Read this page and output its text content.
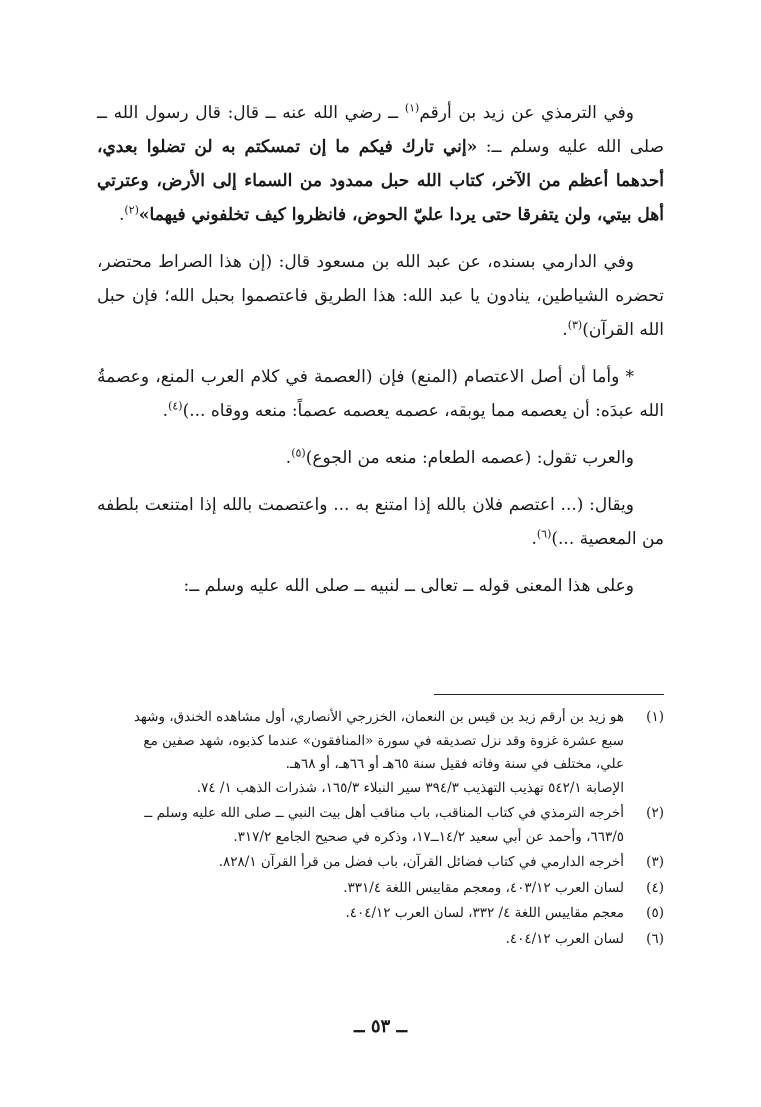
وفي الترمذي عن زيد بن أرقم$^{(١)}$ ــ رضي الله عنه ــ قال: قال رسول الله ــ صلى الله عليه وسلم ــ: «إني تارك فيكم ما إن تمسكتم به لن تضلوا بعدي، أحدهما أعظم من الآخر، كتاب الله حبل ممدود من السماء إلى الأرض، وعترتي أهل بيتي، ولن يتفرقا حتى يردا عليّ الحوض، فانظروا كيف تخلفوني فيهما»$^{(٢)}$.

وفي الدارمي بسنده، عن عبد الله بن مسعود قال: (إن هذا الصراط محتضر، تحضره الشياطين، ينادون يا عبد الله: هذا الطريق فاعتصموا بحبل الله؛ فإن حبل الله القرآن)$^{(٣)}$.

* وأما أن أصل الاعتصام (المنع) فإن (العصمة في كلام العرب المنع، وعصمةُ الله عبدَه: أن يعصمه مما يوبقه، عصمه يعصمه عصماً: منعه ووقاه ...)$^{(٤)}$.

والعرب تقول: (عصمه الطعام: منعه من الجوع)$^{(٥)}$.

ويقال: (... اعتصم فلان بالله إذا امتنع به ... واعتصمت بالله إذا امتنعت بلطفه من المعصية ...)$^{(٦)}$.

وعلى هذا المعنى قوله ــ تعالى ــ لنبيه ــ صلى الله عليه وسلم ــ:

(١)
هو زيد بن أرقم زيد بن قيس بن النعمان، الخزرجي الأنصاري، أول مشاهده الخندق، وشهد
سبع عشرة غزوة وقد نزل تصديقه في سورة «المنافقون» عندما كذبوه، شهد صفين مع
علي، مختلف في سنة وفاته فقيل سنة ٦٥هـ أو ٦٦هـ، أو ٦٨هـ.
الإصابة ٥٤٢/١ تهذيب التهذيب ٣٩٤/٣ سير النبلاء ١٦٥/٣، شذرات الذهب ١/ ٧٤.
(٢)
أخرجه الترمذي في كتاب المناقب، باب مناقب أهل بيت النبي ــ صلى الله عليه وسلم ــ
٦٦٣/٥، وأحمد عن أبي سعيد ١٤/٢ــ١٧، وذكره في صحيح الجامع ٣١٧/٢.
(٣)
أخرجه الدارمي في كتاب فضائل القرآن، باب فضل من قرأ القرآن ٨٢٨/١.
(٤)
لسان العرب ٤٠٣/١٢، ومعجم مقاييس اللغة ٣٣١/٤.
(٥)
معجم مقاييس اللغة ٤/ ٣٣٢، لسان العرب ٤٠٤/١٢.
(٦)
لسان العرب ٤٠٤/١٢.
ــ ٥٣ ــ
